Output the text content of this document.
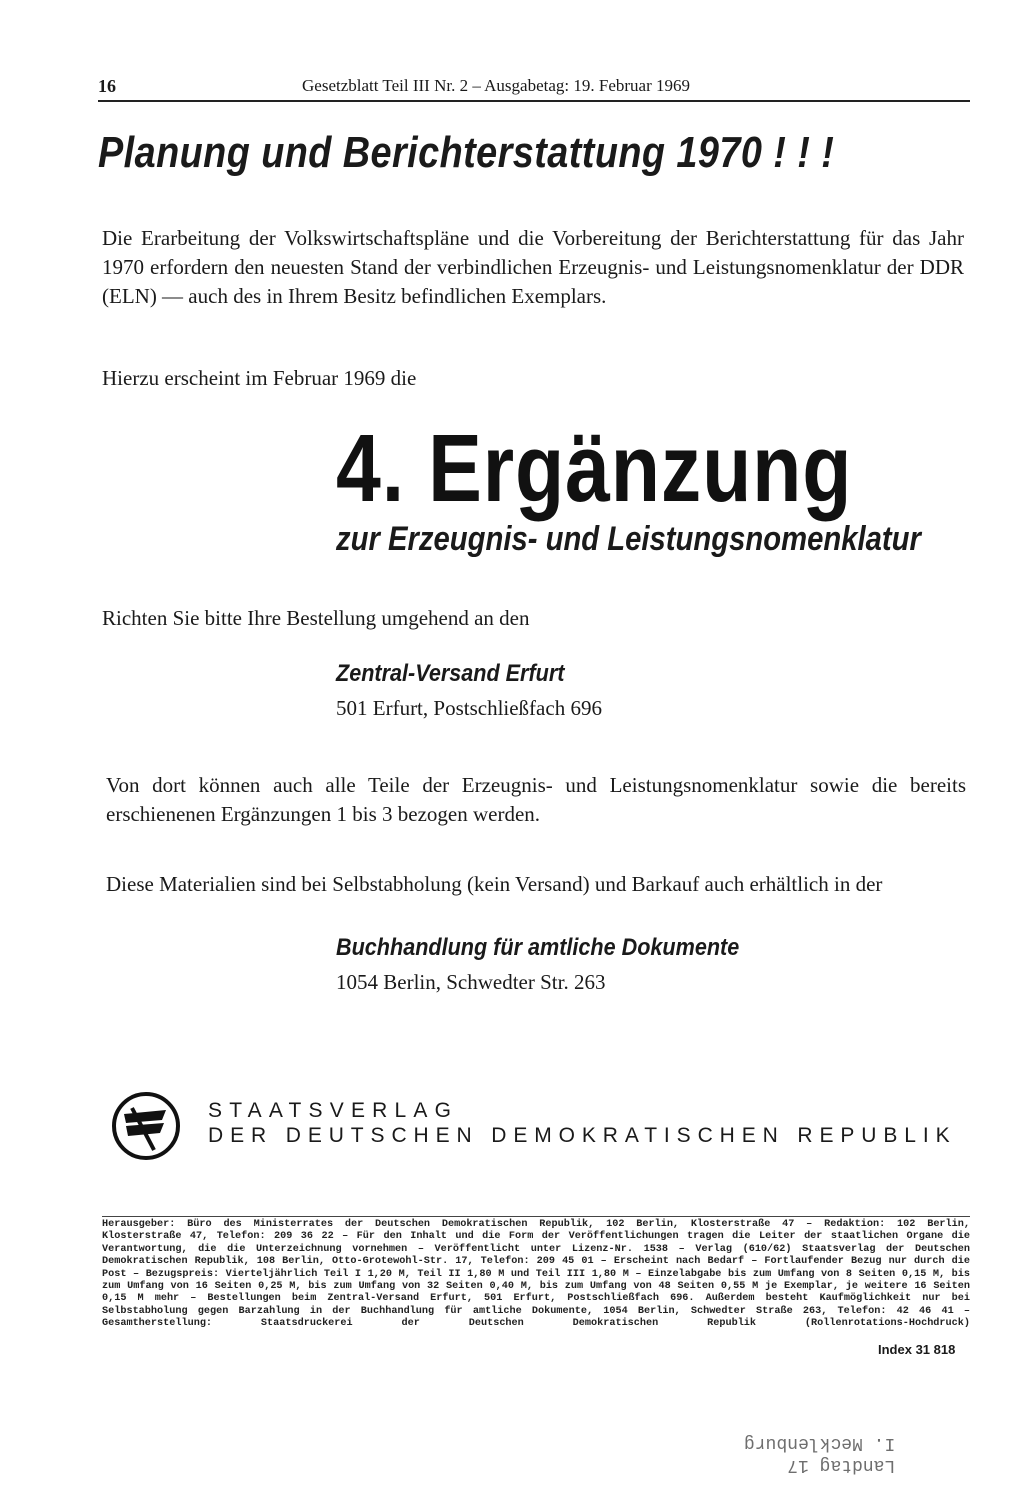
16	Gesetzblatt Teil III Nr. 2 – Ausgabetag: 19. Februar 1969
Planung und Berichterstattung 1970 ! ! !
Die Erarbeitung der Volkswirtschaftspläne und die Vorbereitung der Berichterstattung für das Jahr 1970 erfordern den neuesten Stand der verbindlichen Erzeugnis- und Leistungsnomenklatur der DDR (ELN) — auch des in Ihrem Besitz befindlichen Exemplars.
Hierzu erscheint im Februar 1969 die
4. Ergänzung
zur Erzeugnis- und Leistungsnomenklatur
Richten Sie bitte Ihre Bestellung umgehend an den
Zentral-Versand Erfurt
501 Erfurt, Postschließfach 696
Von dort können auch alle Teile der Erzeugnis- und Leistungsnomenklatur sowie die bereits erschienenen Ergänzungen 1 bis 3 bezogen werden.
Diese Materialien sind bei Selbstabholung (kein Versand) und Barkauf auch erhältlich in der
Buchhandlung für amtliche Dokumente
1054 Berlin, Schwedter Str. 263
STAATSVERLAG
DER DEUTSCHEN DEMOKRATISCHEN REPUBLIK
Herausgeber: Büro des Ministerrates der Deutschen Demokratischen Republik, 102 Berlin, Klosterstraße 47 – Redaktion: 102 Berlin, Klosterstraße 47, Telefon: 209 36 22 – Für den Inhalt und die Form der Veröffentlichungen tragen die Leiter der staatlichen Organe die Verantwortung, die die Unterzeichnung vornehmen – Veröffentlicht unter Lizenz-Nr. 1538 – Verlag (610/62) Staatsverlag der Deutschen Demokratischen Republik, 108 Berlin, Otto-Grotewohl-Str. 17, Telefon: 209 45 01 – Erscheint nach Bedarf – Fortlaufender Bezug nur durch die Post – Bezugspreis: Vierteljährlich Teil I 1,20 M, Teil II 1,80 M und Teil III 1,80 M – Einzelabgabe bis zum Umfang von 8 Seiten 0,15 M, bis zum Umfang von 16 Seiten 0,25 M, bis zum Umfang von 32 Seiten 0,40 M, bis zum Umfang von 48 Seiten 0,55 M je Exemplar, je weitere 16 Seiten 0,15 M mehr – Bestellungen beim Zentral-Versand Erfurt, 501 Erfurt, Postschließfach 696. Außerdem besteht Kaufmöglichkeit nur bei Selbstabholung gegen Barzahlung in der Buchhandlung für amtliche Dokumente, 1054 Berlin, Schwedter Straße 263, Telefon: 42 46 41 – Gesamtherstellung: Staatsdruckerei der Deutschen Demokratischen Republik (Rollenrotations-Hochdruck)
Index 31 818
Landtag 17
I. Mecklenburg
